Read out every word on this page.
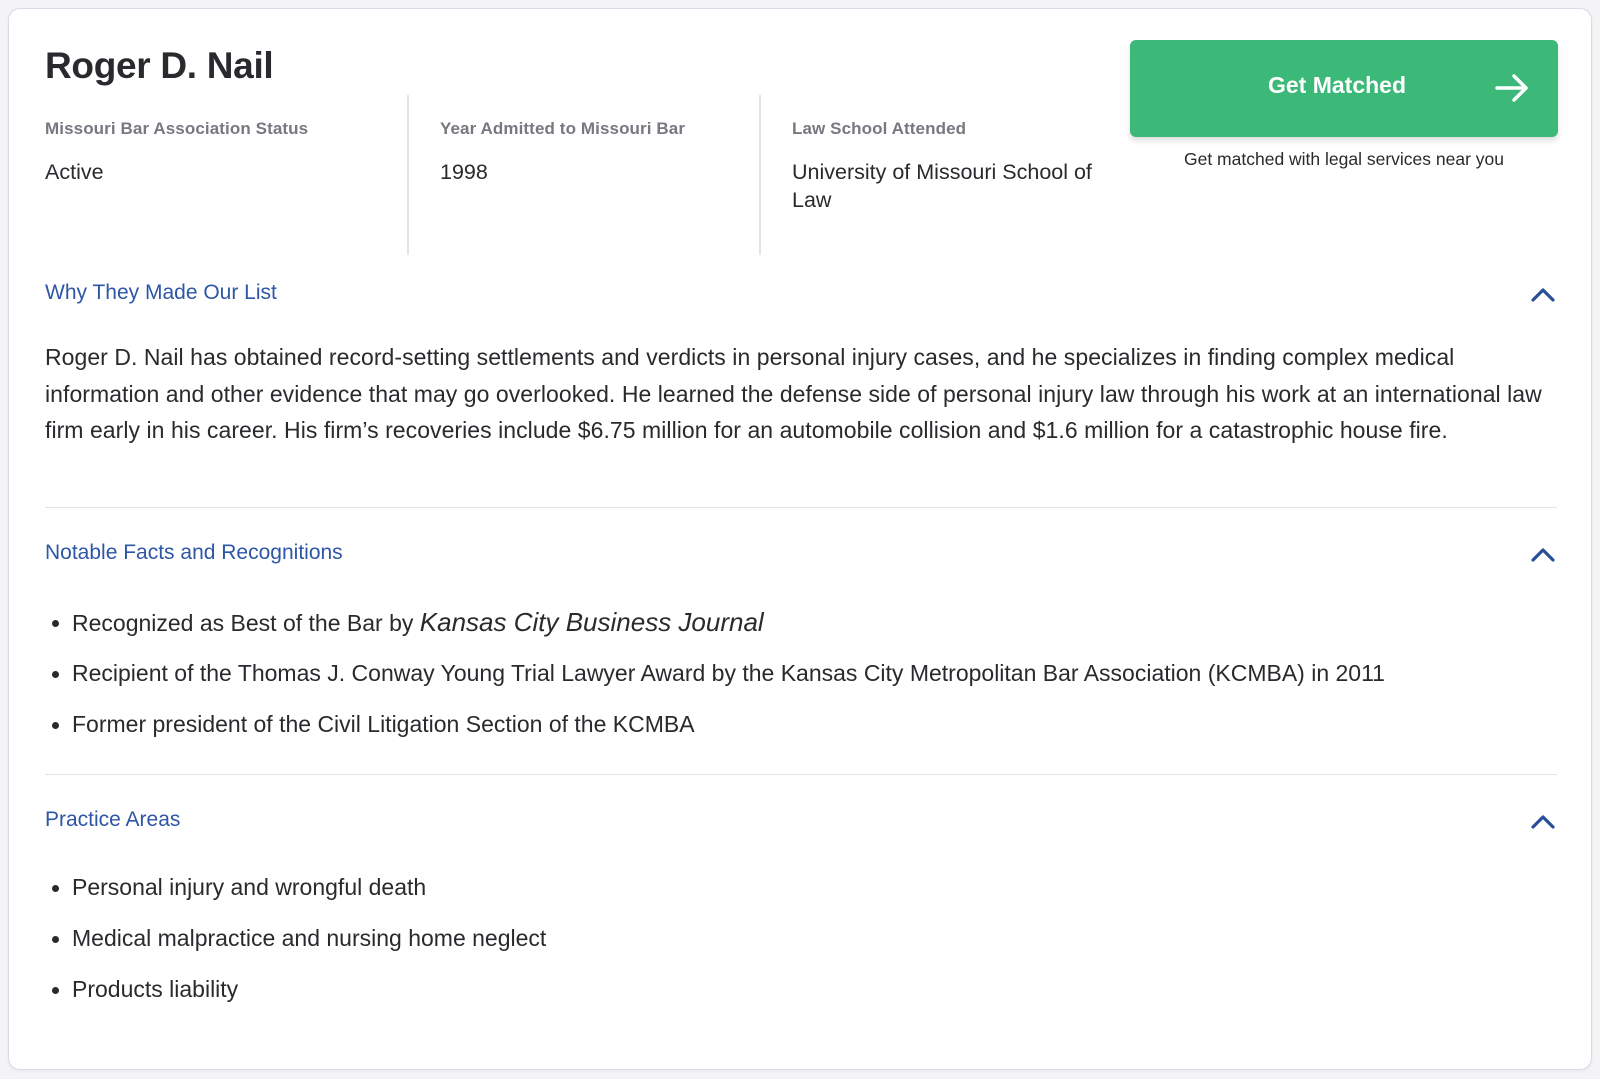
Roger D. Nail
Missouri Bar Association Status
Active
Year Admitted to Missouri Bar
1998
Law School Attended
University of Missouri School of Law
Get Matched
Get matched with legal services near you
Why They Made Our List

Roger D. Nail has obtained record-setting settlements and verdicts in personal injury cases, and he specializes in finding complex medical information and other evidence that may go overlooked. He learned the defense side of personal injury law through his work at an international law firm early in his career. His firm’s recoveries include $6.75 million for an automobile collision and $1.6 million for a catastrophic house fire.

Notable Facts and Recognitions
Recognized as Best of the Bar by Kansas City Business Journal
Recipient of the Thomas J. Conway Young Trial Lawyer Award by the Kansas City Metropolitan Bar Association (KCMBA) in 2011
Former president of the Civil Litigation Section of the KCMBA
Practice Areas
Personal injury and wrongful death
Medical malpractice and nursing home neglect
Products liability
